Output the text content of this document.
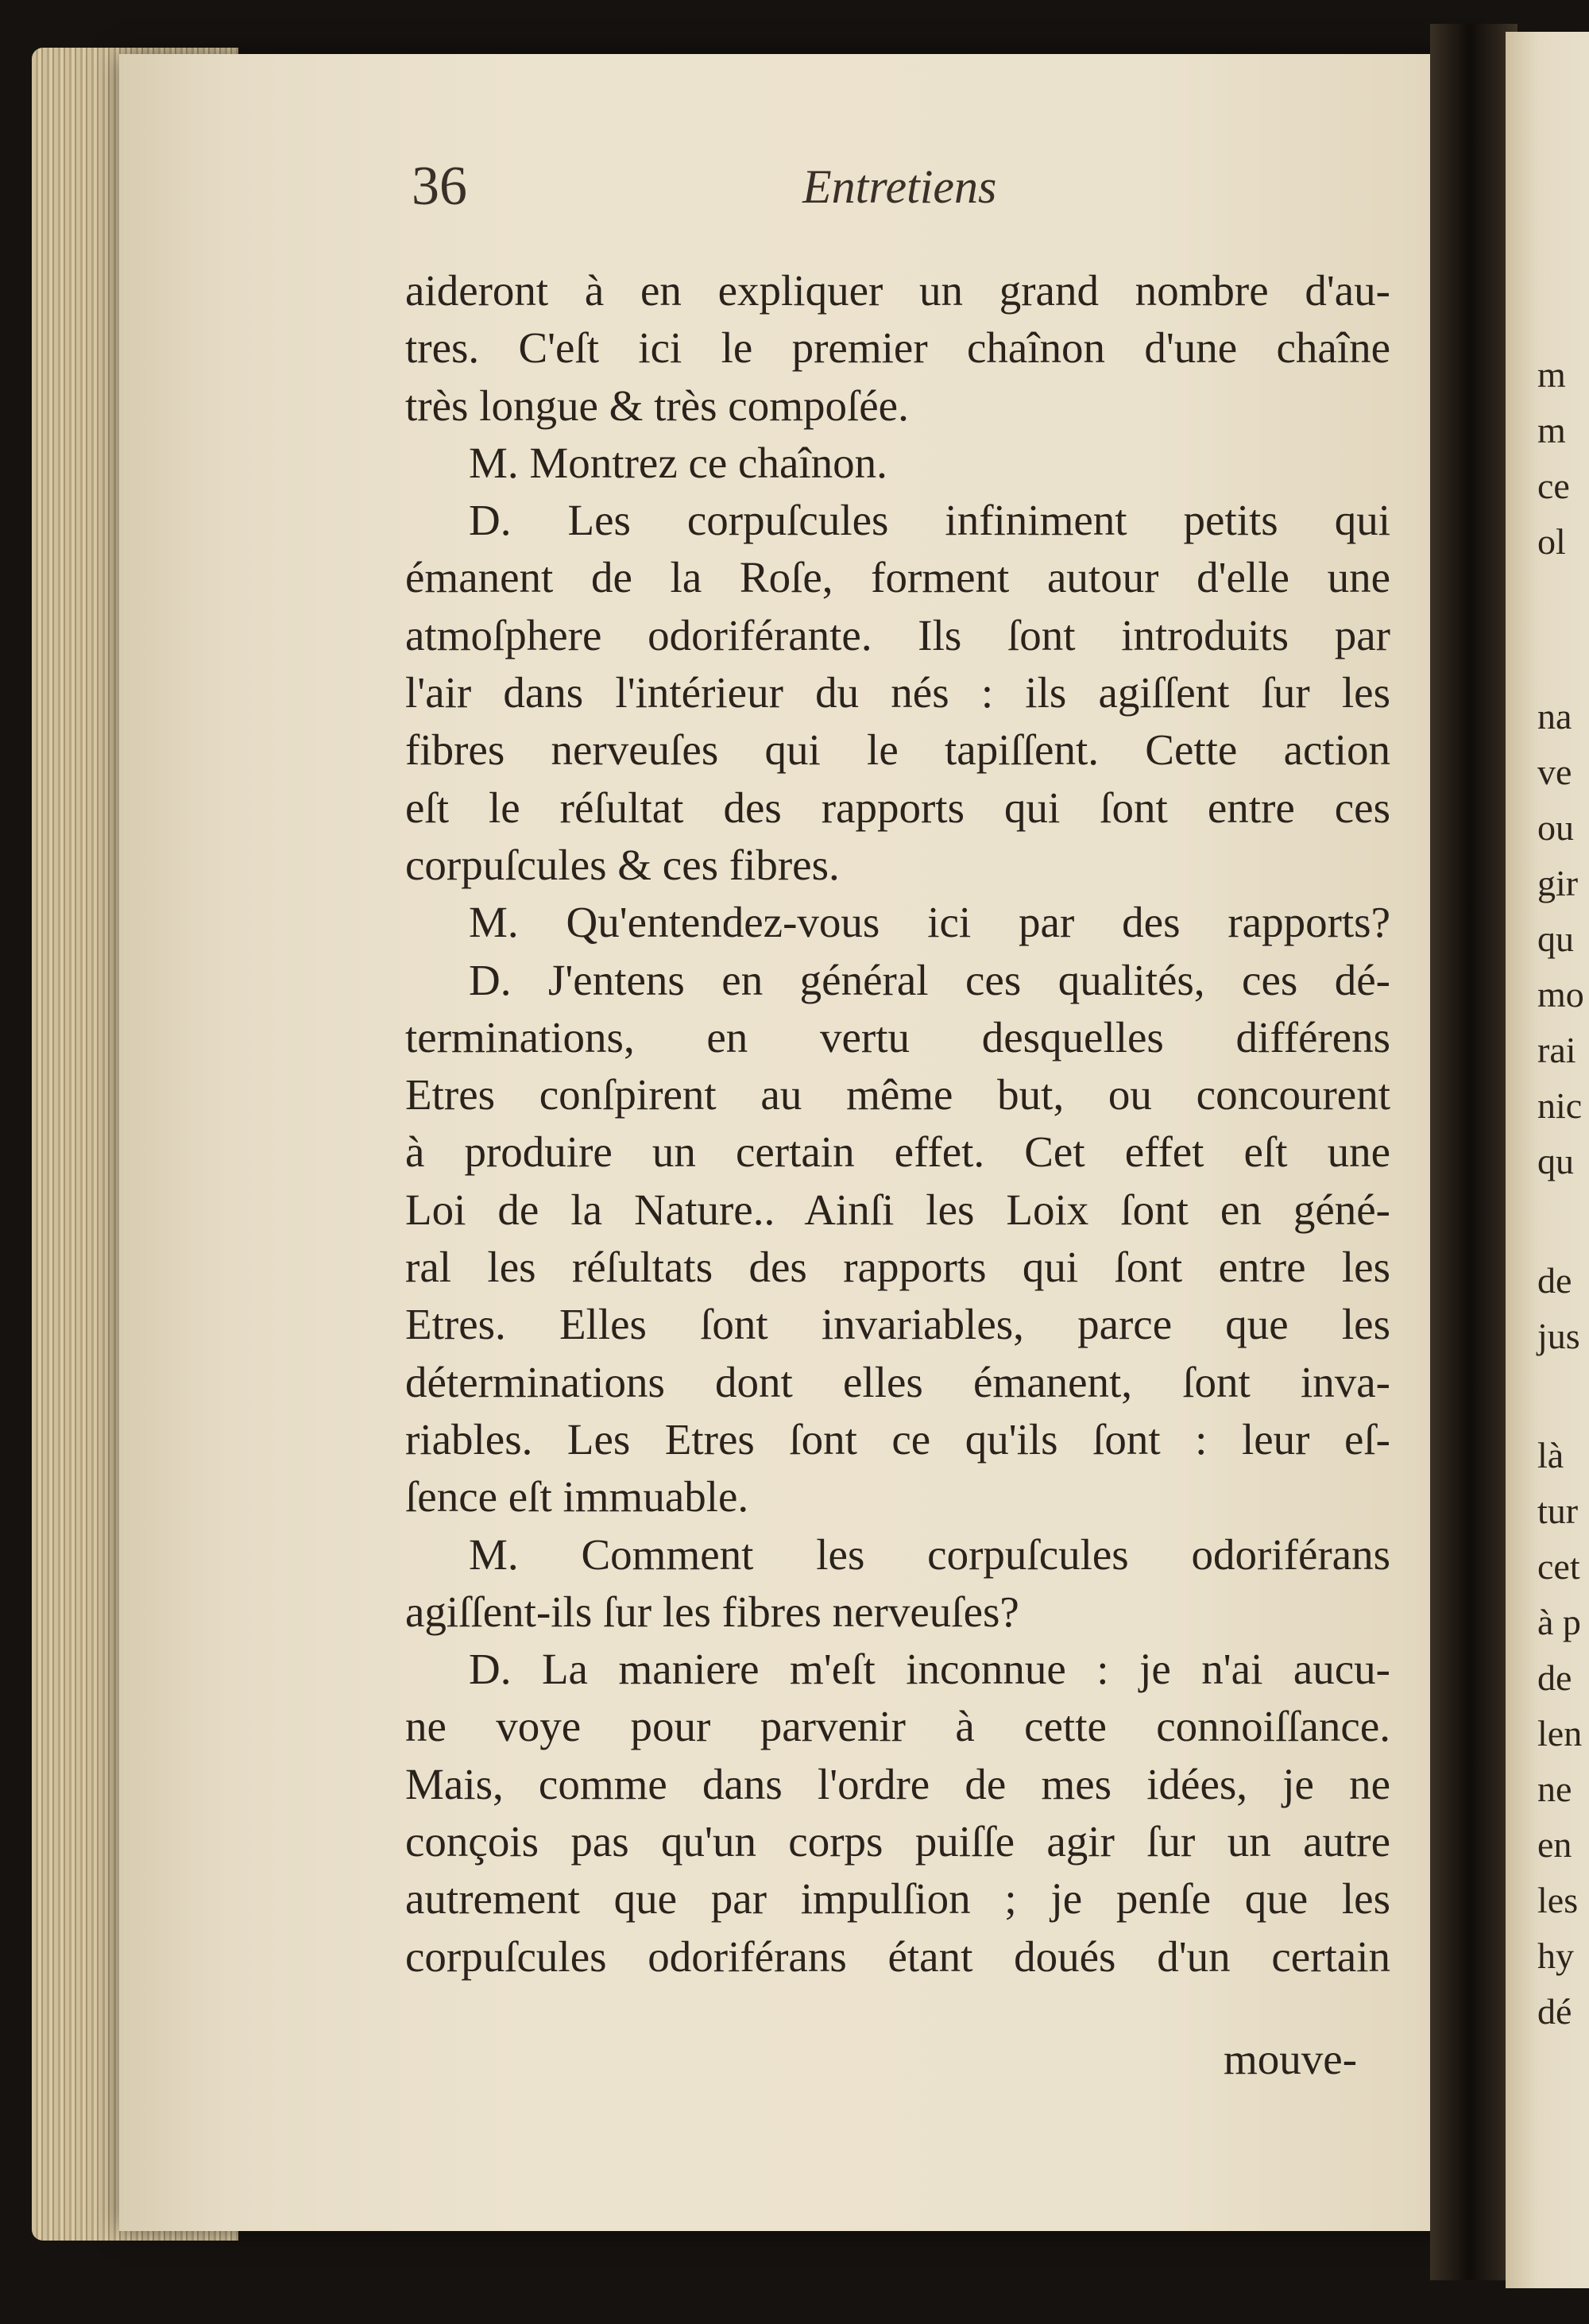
m
m
ce
ol
na
ve
ou
gir
qu
mo
rai
nic
qu
de
jus
là
tur
cet
à p
de
len
ne
en
les
hy
dé
36	Entretiens
aideront à en expliquer un grand nombre d'au-
tres. C'eſt ici le premier chaînon d'une chaîne
très longue & très compoſée.
M. Montrez ce chaînon.
D. Les corpuſcules infiniment petits qui
émanent de la Roſe, forment autour d'elle une
atmoſphere odoriférante. Ils ſont introduits par
l'air dans l'intérieur du nés : ils agiſſent ſur les
fibres nerveuſes qui le tapiſſent. Cette action
eſt le réſultat des rapports qui ſont entre ces
corpuſcules & ces fibres.
M. Qu'entendez-vous ici par des rapports?
D. J'entens en général ces qualités, ces dé-
terminations, en vertu desquelles différens
Etres conſpirent au même but, ou concourent
à produire un certain effet. Cet effet eſt une
Loi de la Nature.. Ainſi les Loix ſont en géné-
ral les réſultats des rapports qui ſont entre les
Etres. Elles ſont invariables, parce que les
déterminations dont elles émanent, ſont inva-
riables. Les Etres ſont ce qu'ils ſont : leur eſ-
ſence eſt immuable.
M. Comment les corpuſcules odoriférans
agiſſent-ils ſur les fibres nerveuſes?
D. La maniere m'eſt inconnue : je n'ai aucu-
ne voye pour parvenir à cette connoiſſance.
Mais, comme dans l'ordre de mes idées, je ne
conçois pas qu'un corps puiſſe agir ſur un autre
autrement que par impulſion ; je penſe que les
corpuſcules odoriférans étant doués d'un certain
mouve-
